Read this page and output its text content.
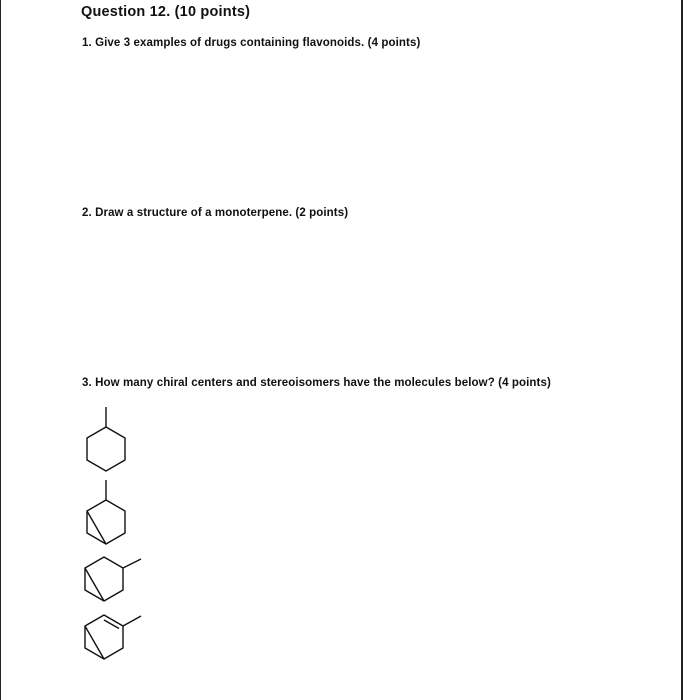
Question 12. (10 points)
1. Give 3 examples of drugs containing flavonoids. (4 points)
2. Draw a structure of a monoterpene. (2 points)
3. How many chiral centers and stereoisomers have the molecules below? (4 points)
